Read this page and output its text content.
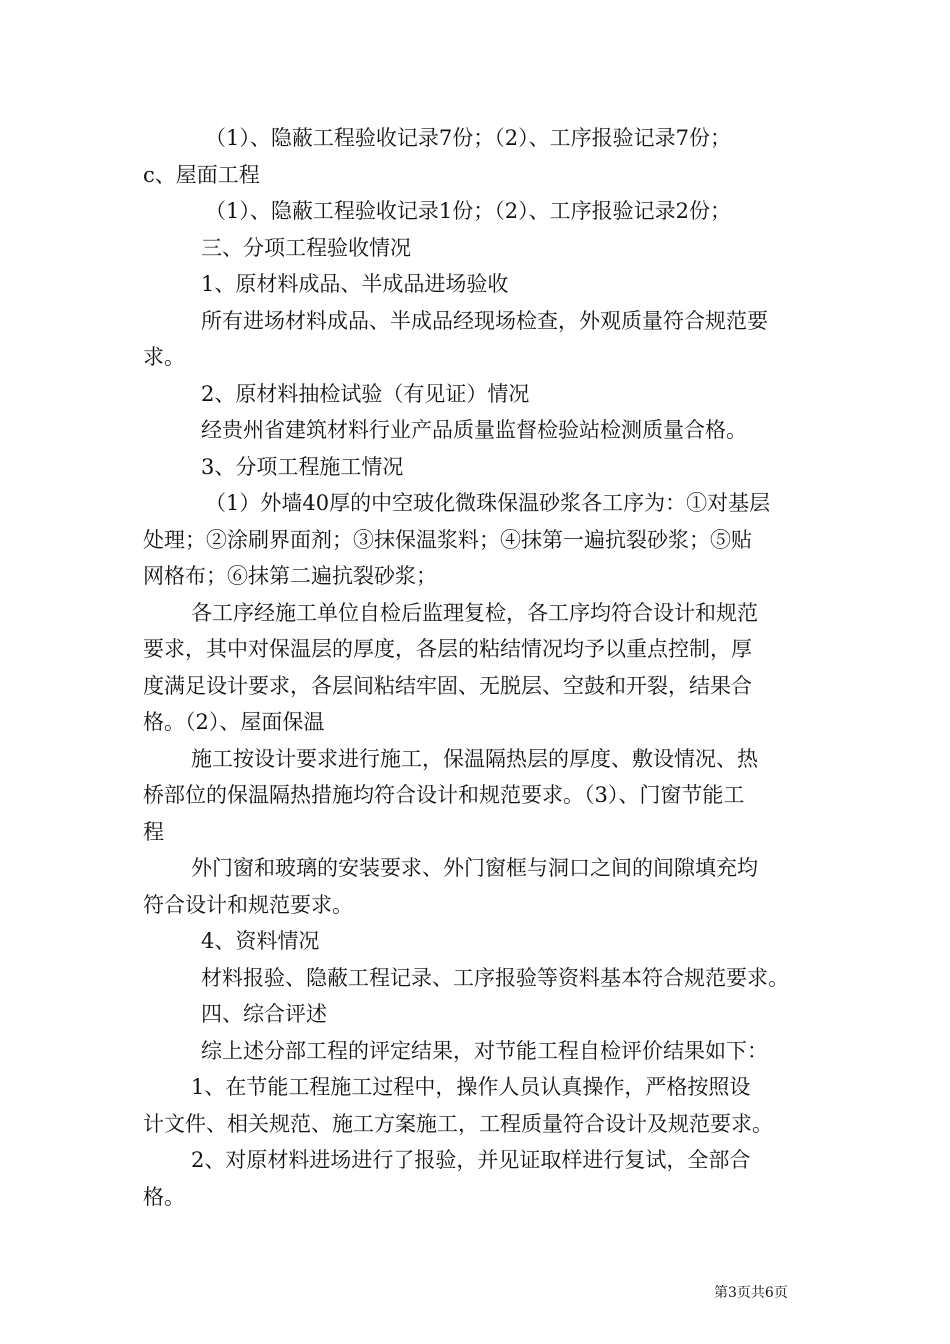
（1）、隐蔽工程验收记录7份；（2）、工序报验记录7份；
c、屋面工程
（1）、隐蔽工程验收记录1份；（2）、工序报验记录2份；
三、分项工程验收情况
1、原材料成品、半成品进场验收
所有进场材料成品、半成品经现场检查，外观质量符合规范要
求。
2、原材料抽检试验（有见证）情况
经贵州省建筑材料行业产品质量监督检验站检测质量合格。
3、分项工程施工情况
（1）外墙40厚的中空玻化微珠保温砂浆各工序为：①对基层
处理；②涂刷界面剂；③抹保温浆料；④抹第一遍抗裂砂浆；⑤贴
网格布；⑥抹第二遍抗裂砂浆；
各工序经施工单位自检后监理复检，各工序均符合设计和规范
要求，其中对保温层的厚度，各层的粘结情况均予以重点控制，厚
度满足设计要求，各层间粘结牢固、无脱层、空鼓和开裂，结果合
格。（2）、屋面保温
施工按设计要求进行施工，保温隔热层的厚度、敷设情况、热
桥部位的保温隔热措施均符合设计和规范要求。（3）、门窗节能工
程
外门窗和玻璃的安装要求、外门窗框与洞口之间的间隙填充均
符合设计和规范要求。
4、资料情况
材料报验、隐蔽工程记录、工序报验等资料基本符合规范要求。
四、综合评述
综上述分部工程的评定结果，对节能工程自检评价结果如下：
1、在节能工程施工过程中，操作人员认真操作，严格按照设
计文件、相关规范、施工方案施工，工程质量符合设计及规范要求。
2、对原材料进场进行了报验，并见证取样进行复试，全部合
格。
第3页共6页
